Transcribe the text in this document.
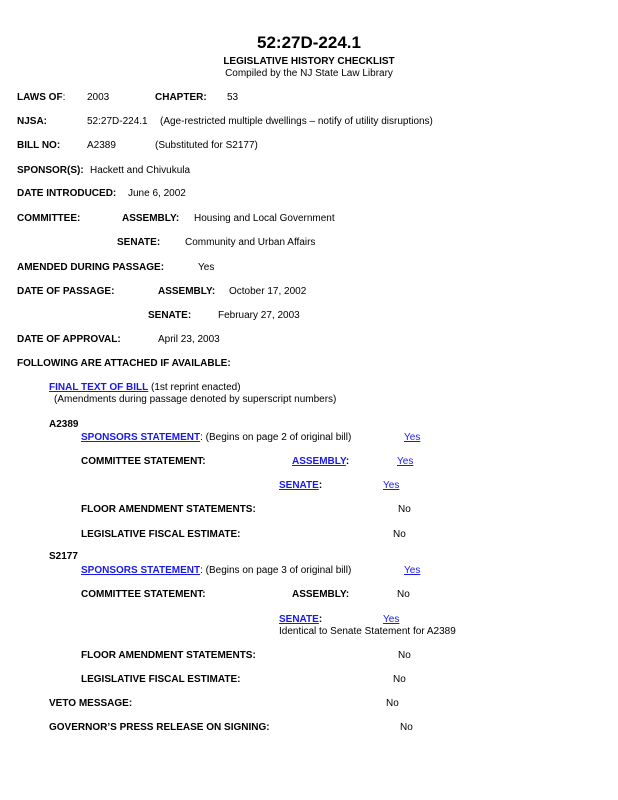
52:27D-224.1
LEGISLATIVE HISTORY CHECKLIST
Compiled by the NJ State Law Library
LAWS OF: 2003	CHAPTER: 53
NJSA:	52:27D-224.1 (Age-restricted multiple dwellings – notify of utility disruptions)
BILL NO:	A2389	(Substituted for S2177)
SPONSOR(S): Hackett and Chivukula
DATE INTRODUCED: June 6, 2002
COMMITTEE:	ASSEMBLY: Housing and Local Government
SENATE: Community and Urban Affairs
AMENDED DURING PASSAGE:	Yes
DATE OF PASSAGE:	ASSEMBLY: October 17, 2002
SENATE:	February 27, 2003
DATE OF APPROVAL:	April 23, 2003
FOLLOWING ARE ATTACHED IF AVAILABLE:
FINAL TEXT OF BILL (1st reprint enacted)
(Amendments during passage denoted by superscript numbers)
A2389
SPONSORS STATEMENT: (Begins on page 2 of original bill)	Yes
COMMITTEE STATEMENT:	ASSEMBLY:	Yes
SENATE:	Yes
FLOOR AMENDMENT STATEMENTS:	No
LEGISLATIVE FISCAL ESTIMATE:	No
S2177
SPONSORS STATEMENT: (Begins on page 3 of original bill)	Yes
COMMITTEE STATEMENT:	ASSEMBLY:	No
SENATE:	Yes
Identical to Senate Statement for A2389
FLOOR AMENDMENT STATEMENTS:	No
LEGISLATIVE FISCAL ESTIMATE:	No
VETO MESSAGE:	No
GOVERNOR’S PRESS RELEASE ON SIGNING:	No
